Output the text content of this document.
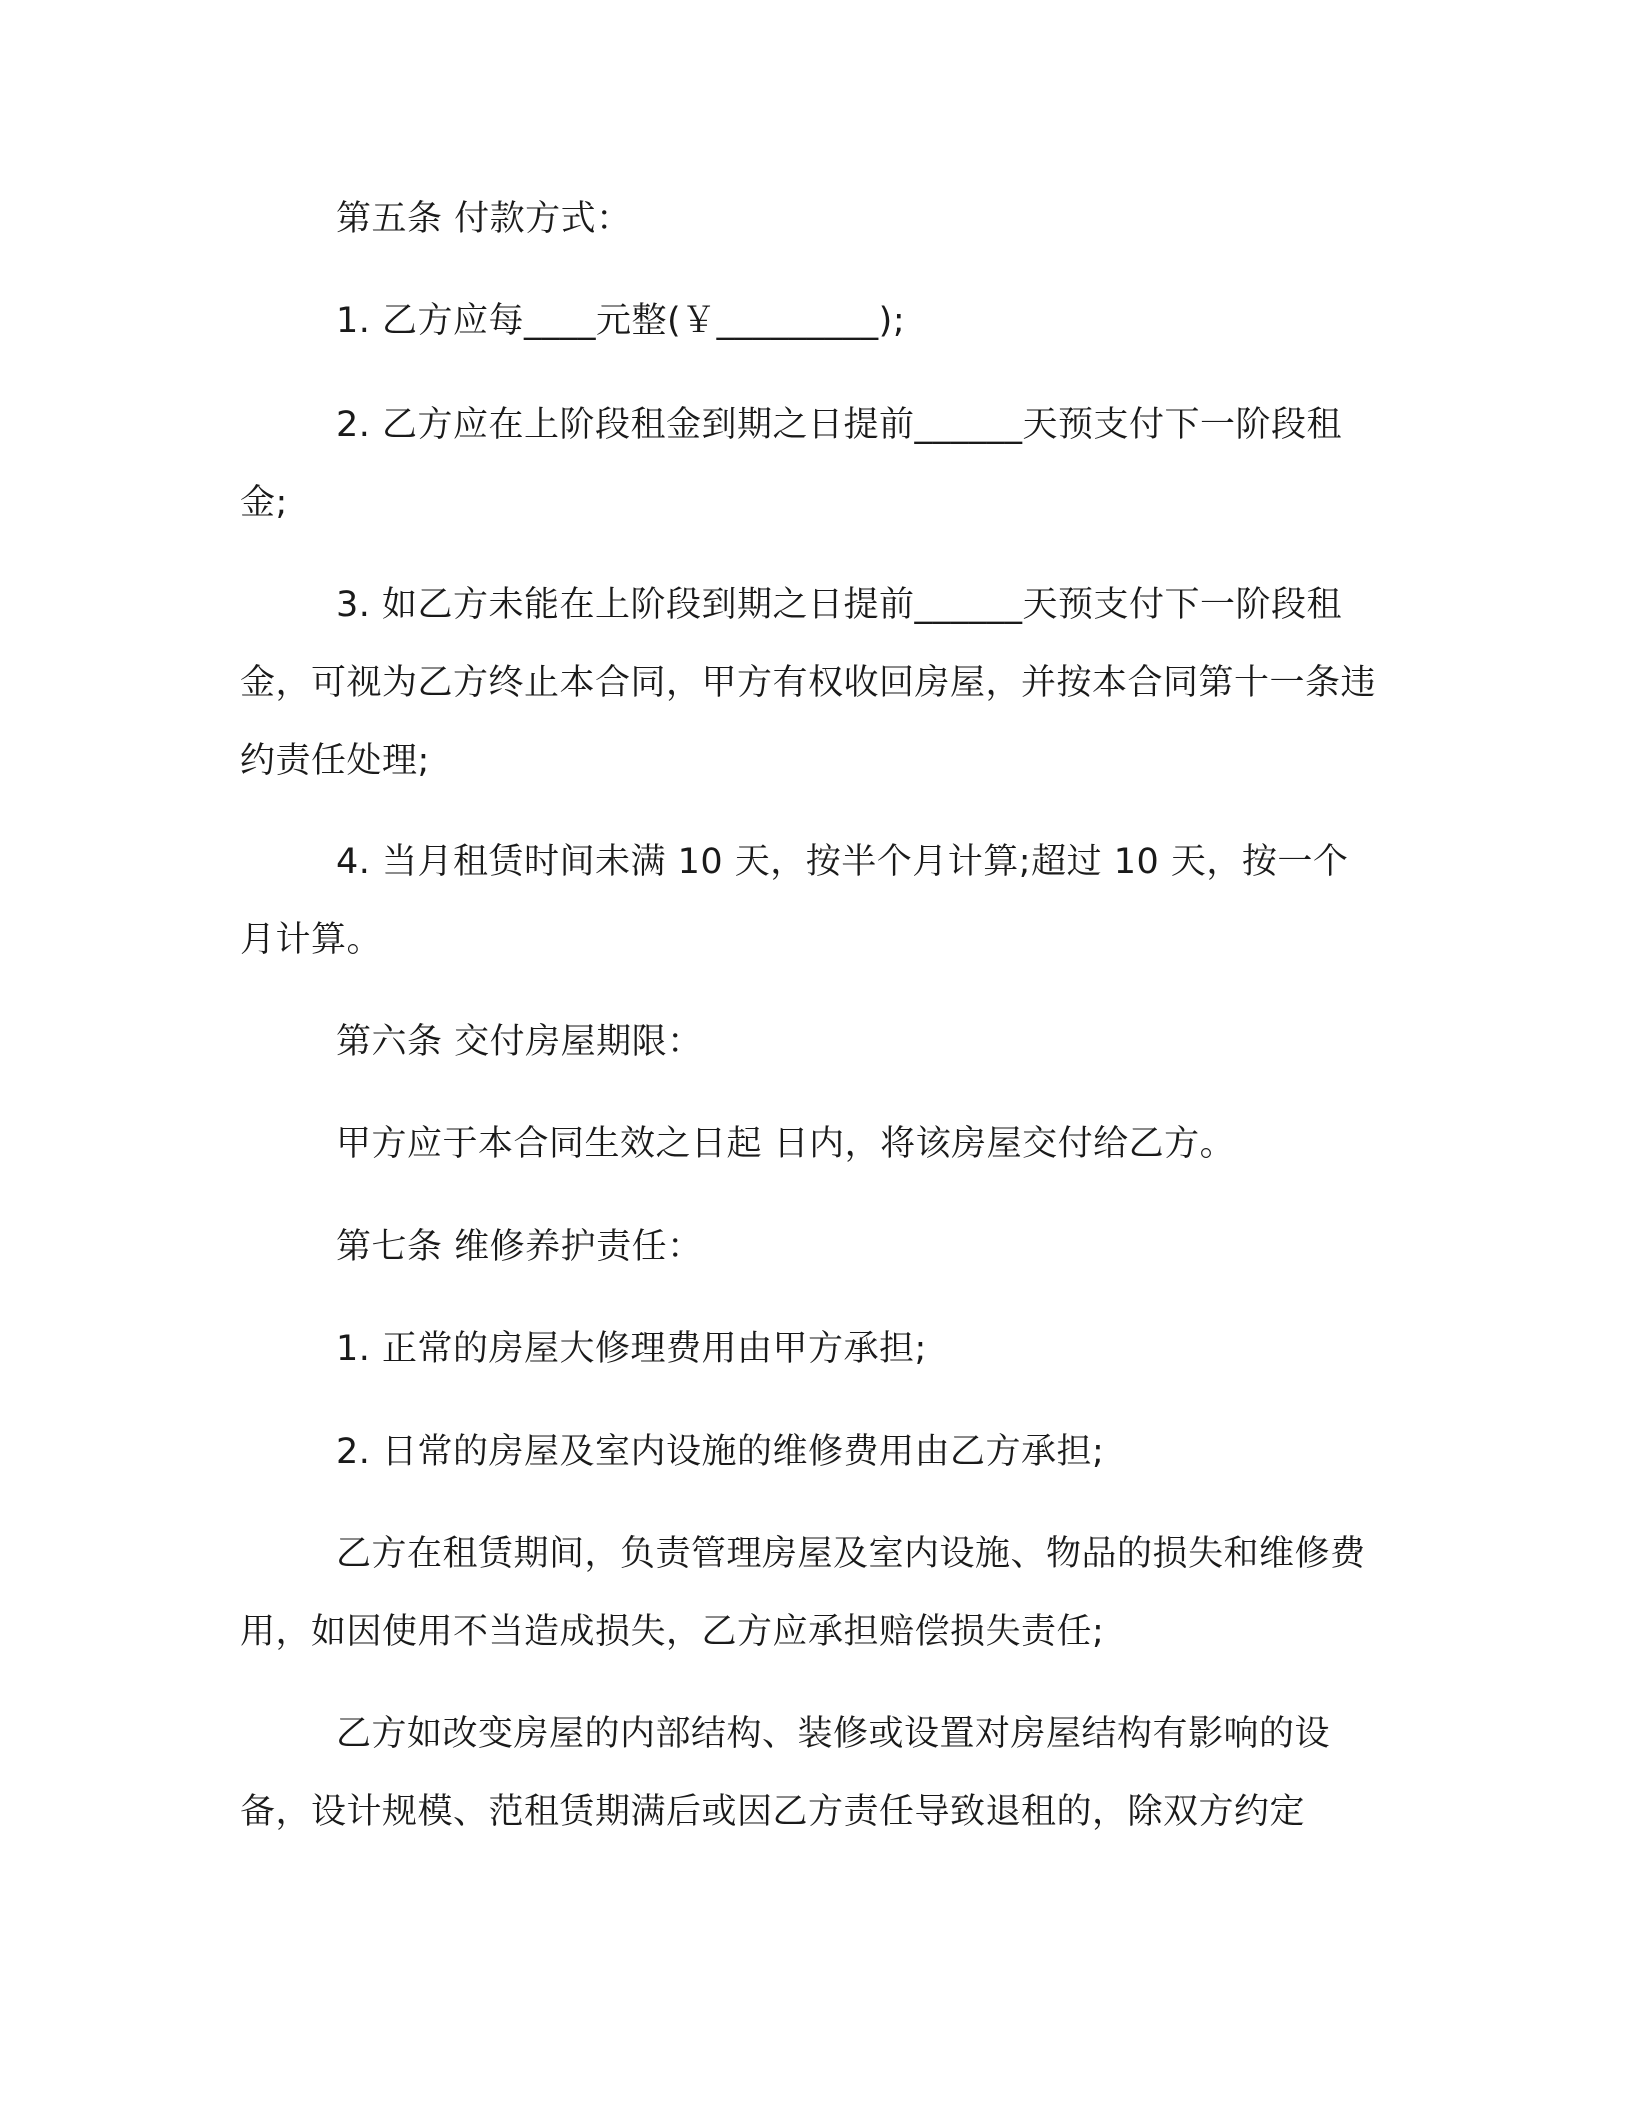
第五条 付款方式：

1. 乙方应每____元整(￥_________);

2. 乙方应在上阶段租金到期之日提前______天预支付下一阶段租金;

3. 如乙方未能在上阶段到期之日提前______天预支付下一阶段租金，可视为乙方终止本合同，甲方有权收回房屋，并按本合同第十一条违约责任处理;

4. 当月租赁时间未满 10 天，按半个月计算;超过 10 天，按一个月计算。

第六条 交付房屋期限：

甲方应于本合同生效之日起 日内，将该房屋交付给乙方。

第七条 维修养护责任：

1. 正常的房屋大修理费用由甲方承担;

2. 日常的房屋及室内设施的维修费用由乙方承担;

乙方在租赁期间，负责管理房屋及室内设施、物品的损失和维修费用，如因使用不当造成损失，乙方应承担赔偿损失责任;

乙方如改变房屋的内部结构、装修或设置对房屋结构有影响的设备，设计规模、范租赁期满后或因乙方责任导致退租的，除双方约定
